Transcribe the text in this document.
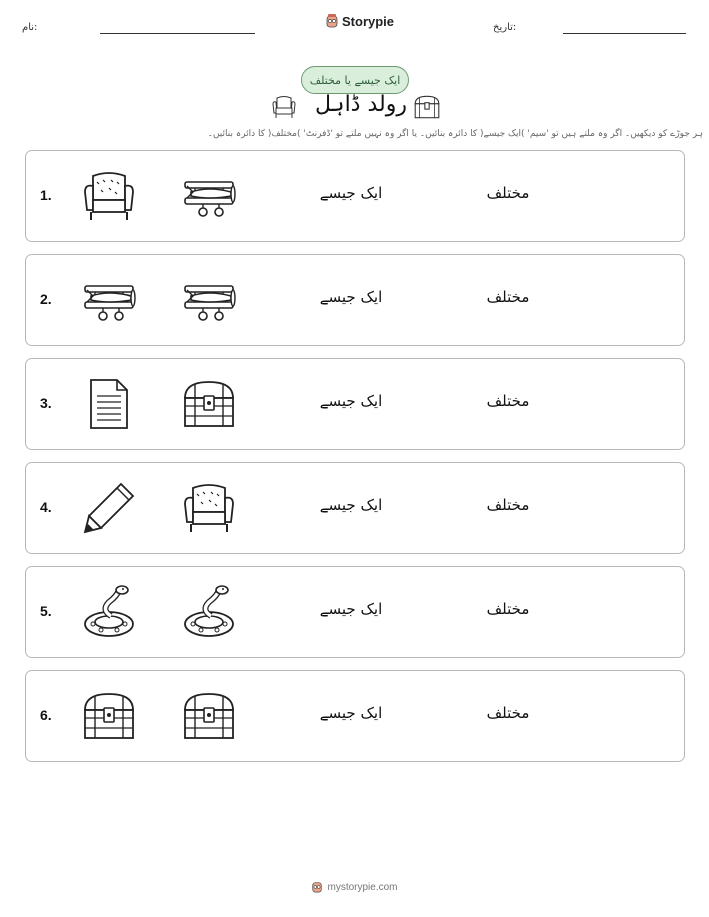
نام:	Storypie	تاریخ:
ایک جیسے یا مختلف
رولد ڈاہل
ہر جوڑے کو دیکھیں۔ اگر وہ ملتے ہیں تو 'سیم' )ایک جیسے( کا دائرہ بنائیں۔ یا اگر وہ نہیں ملتے تو 'ڈفرنٹ' )مختلف( کا دائرہ بنائیں۔
1.	ایک جیسے	مختلف
2.	ایک جیسے	مختلف
3.	ایک جیسے	مختلف
4.	ایک جیسے	مختلف
5.	ایک جیسے	مختلف
6.	ایک جیسے	مختلف
mystorypie.com
